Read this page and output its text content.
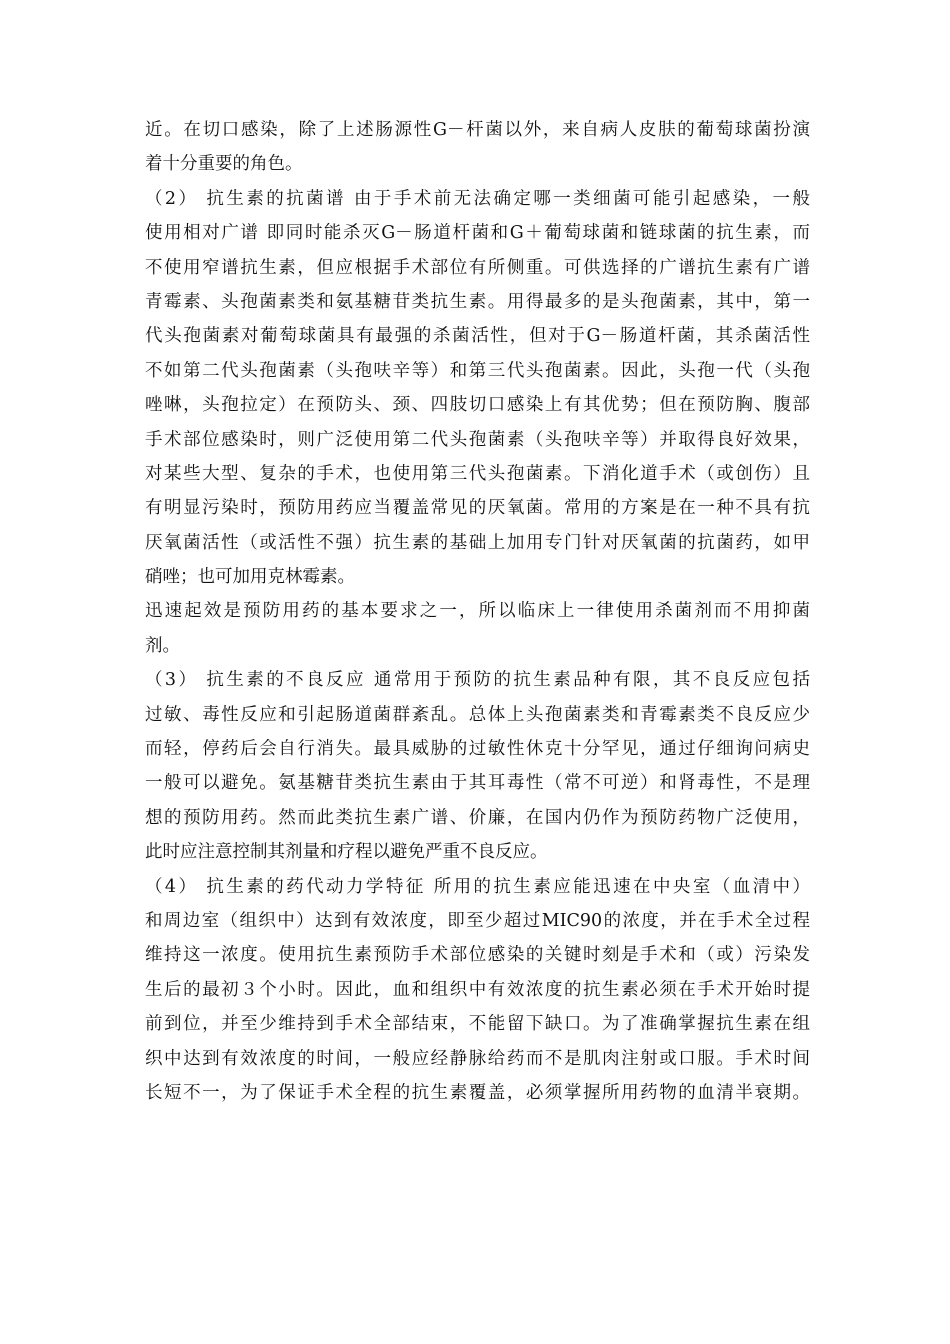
近。在切口感染，除了上述肠源性G－杆菌以外，来自病人皮肤的葡萄球菌扮演
着十分重要的角色。
（2） 抗生素的抗菌谱 由于手术前无法确定哪一类细菌可能引起感染，一般
使用相对广谱 即同时能杀灭G－肠道杆菌和G＋葡萄球菌和链球菌的抗生素，而
不使用窄谱抗生素，但应根据手术部位有所侧重。可供选择的广谱抗生素有广谱
青霉素、头孢菌素类和氨基糖苷类抗生素。用得最多的是头孢菌素，其中，第一
代头孢菌素对葡萄球菌具有最强的杀菌活性，但对于G－肠道杆菌，其杀菌活性
不如第二代头孢菌素（头孢呋辛等）和第三代头孢菌素。因此，头孢一代（头孢
唑啉，头孢拉定）在预防头、颈、四肢切口感染上有其优势；但在预防胸、腹部
手术部位感染时，则广泛使用第二代头孢菌素（头孢呋辛等）并取得良好效果，
对某些大型、复杂的手术，也使用第三代头孢菌素。下消化道手术（或创伤）且
有明显污染时，预防用药应当覆盖常见的厌氧菌。常用的方案是在一种不具有抗
厌氧菌活性（或活性不强）抗生素的基础上加用专门针对厌氧菌的抗菌药，如甲
硝唑；也可加用克林霉素。
迅速起效是预防用药的基本要求之一，所以临床上一律使用杀菌剂而不用抑菌
剂。
（3） 抗生素的不良反应 通常用于预防的抗生素品种有限，其不良反应包括
过敏、毒性反应和引起肠道菌群紊乱。总体上头孢菌素类和青霉素类不良反应少
而轻，停药后会自行消失。最具威胁的过敏性休克十分罕见，通过仔细询问病史
一般可以避免。氨基糖苷类抗生素由于其耳毒性（常不可逆）和肾毒性，不是理
想的预防用药。然而此类抗生素广谱、价廉，在国内仍作为预防药物广泛使用，
此时应注意控制其剂量和疗程以避免严重不良反应。
（4） 抗生素的药代动力学特征 所用的抗生素应能迅速在中央室（血清中）
和周边室（组织中）达到有效浓度，即至少超过MIC90的浓度，并在手术全过程
维持这一浓度。使用抗生素预防手术部位感染的关键时刻是手术和（或）污染发
生后的最初３个小时。因此，血和组织中有效浓度的抗生素必须在手术开始时提
前到位，并至少维持到手术全部结束，不能留下缺口。为了准确掌握抗生素在组
织中达到有效浓度的时间，一般应经静脉给药而不是肌肉注射或口服。手术时间
长短不一，为了保证手术全程的抗生素覆盖，必须掌握所用药物的血清半衰期。
